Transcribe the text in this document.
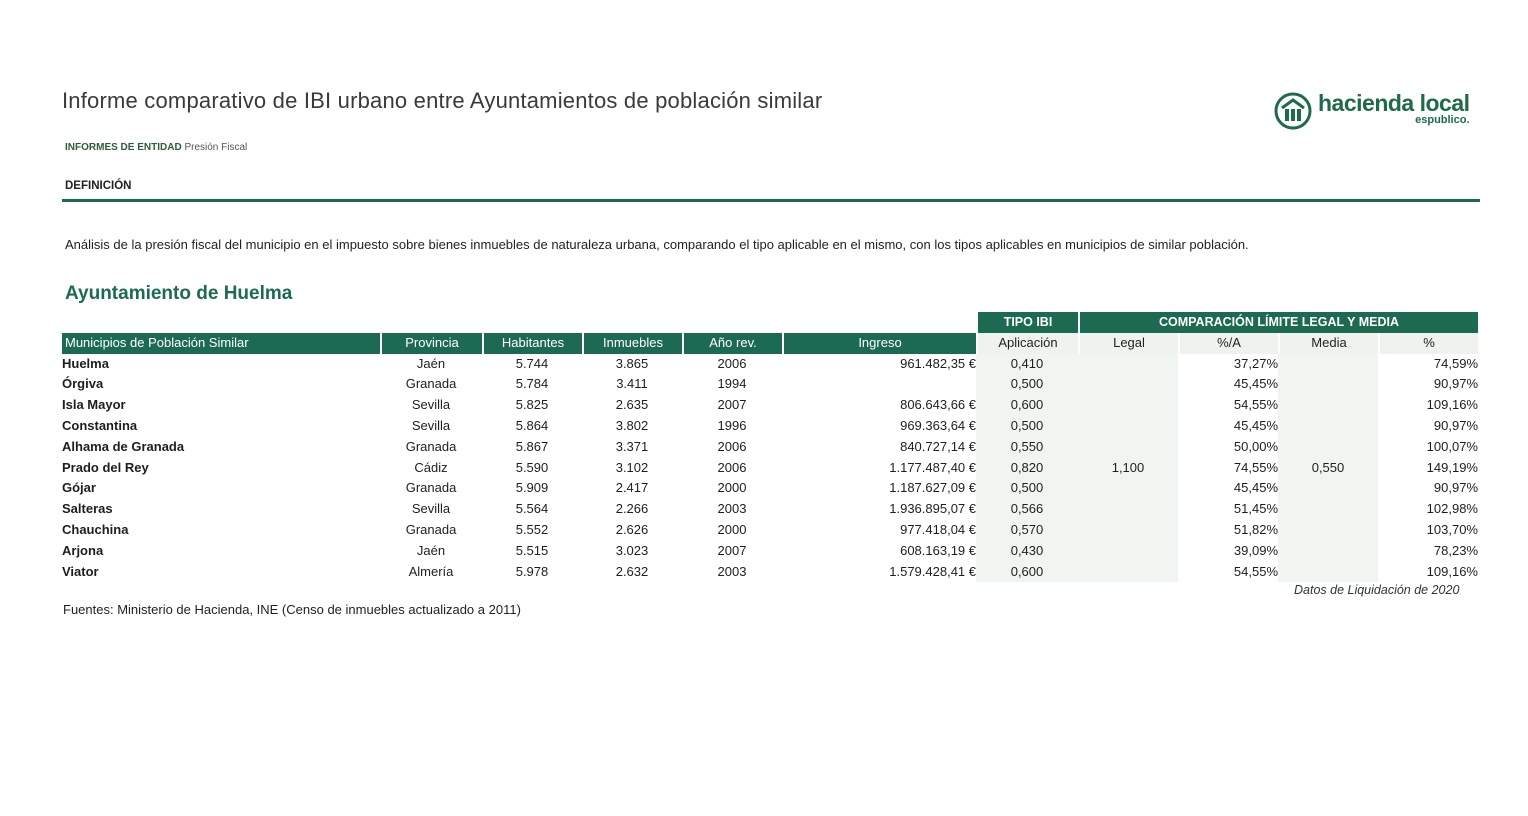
Informe comparativo de IBI urbano entre Ayuntamientos de población similar	hacienda local
espublico.
INFORMES DE ENTIDAD Presión Fiscal
DEFINICIÓN
Análisis de la presión fiscal del municipio en el impuesto sobre bienes inmuebles de naturaleza urbana, comparando el tipo aplicable en el mismo, con los tipos aplicables en municipios de similar población.
Ayuntamiento de Huelma
						TIPO IBI	COMPARACIÓN LÍMITE LEGAL Y MEDIA			
Municipios de Población Similar	Provincia	Habitantes	Inmuebles	Año rev.	Ingreso	Aplicación	Legal	%/A	Media	%
Huelma	Jaén	5.744	3.865	2006	961.482,35 €	0,410		37,27%		74,59%
Órgiva	Granada	5.784	3.411	1994		0,500		45,45%		90,97%
Isla Mayor	Sevilla	5.825	2.635	2007	806.643,66 €	0,600		54,55%		109,16%
Constantina	Sevilla	5.864	3.802	1996	969.363,64 €	0,500		45,45%		90,97%
Alhama de Granada	Granada	5.867	3.371	2006	840.727,14 €	0,550		50,00%		100,07%
Prado del Rey	Cádiz	5.590	3.102	2006	1.177.487,40 €	0,820	1,100	74,55%	0,550	149,19%
Gójar	Granada	5.909	2.417	2000	1.187.627,09 €	0,500		45,45%		90,97%
Salteras	Sevilla	5.564	2.266	2003	1.936.895,07 €	0,566		51,45%		102,98%
Chauchina	Granada	5.552	2.626	2000	977.418,04 €	0,570		51,82%		103,70%
Arjona	Jaén	5.515	3.023	2007	608.163,19 €	0,430		39,09%		78,23%
Viator	Almería	5.978	2.632	2003	1.579.428,41 €	0,600		54,55%		109,16%
Datos de Liquidación de 2020
Fuentes: Ministerio de Hacienda, INE (Censo de inmuebles actualizado a 2011)
